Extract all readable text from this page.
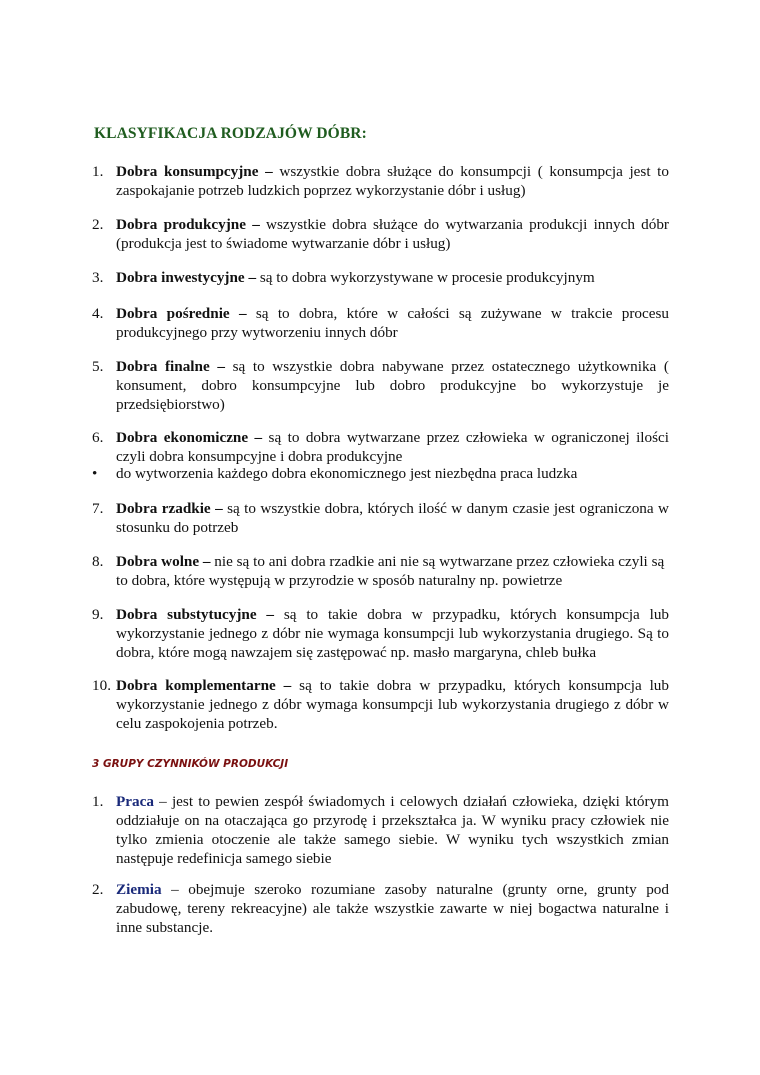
KLASYFIKACJA RODZAJÓW DÓBR:
1. Dobra konsumpcyjne – wszystkie dobra służące do konsumpcji ( konsumpcja jest to zaspokajanie potrzeb ludzkich poprzez wykorzystanie dóbr i usług)
2. Dobra produkcyjne – wszystkie dobra służące do wytwarzania produkcji innych dóbr (produkcja jest to świadome wytwarzanie dóbr i usług)
3. Dobra inwestycyjne – są to dobra wykorzystywane w procesie produkcyjnym
4. Dobra pośrednie – są to dobra, które w całości są zużywane w trakcie procesu produkcyjnego przy wytworzeniu innych dóbr
5. Dobra finalne – są to wszystkie dobra nabywane przez ostatecznego użytkownika ( konsument, dobro konsumpcyjne lub dobro produkcyjne bo wykorzystuje je przedsiębiorstwo)
6. Dobra ekonomiczne – są to dobra wytwarzane przez człowieka w ograniczonej ilości czyli dobra konsumpcyjne i dobra produkcyjne
• do wytworzenia każdego dobra ekonomicznego jest niezbędna praca ludzka
7. Dobra rzadkie – są to wszystkie dobra, których ilość w danym czasie jest ograniczona w stosunku do potrzeb
8. Dobra wolne – nie są to ani dobra rzadkie ani nie są wytwarzane przez człowieka czyli są to dobra, które występują w przyrodzie w sposób naturalny np. powietrze
9. Dobra substytucyjne – są to takie dobra w przypadku, których konsumpcja lub wykorzystanie jednego z dóbr nie wymaga konsumpcji lub wykorzystania drugiego. Są to dobra, które mogą nawzajem się zastępować np. masło margaryna, chleb bułka
10. Dobra komplementarne – są to takie dobra w przypadku, których konsumpcja lub wykorzystanie jednego z dóbr wymaga konsumpcji lub wykorzystania drugiego z dóbr w celu zaspokojenia potrzeb.
3 GRUPY CZYNNIKÓW PRODUKCJI
1. Praca – jest to pewien zespół świadomych i celowych działań człowieka, dzięki którym oddziałuje on na otaczająca go przyrodę i przekształca ja. W wyniku pracy człowiek nie tylko zmienia otoczenie ale także samego siebie. W wyniku tych wszystkich zmian następuje redefinicja samego siebie
2. Ziemia – obejmuje szeroko rozumiane zasoby naturalne (grunty orne, grunty pod zabudowę, tereny rekreacyjne) ale także wszystkie zawarte w niej bogactwa naturalne i inne substancje.
